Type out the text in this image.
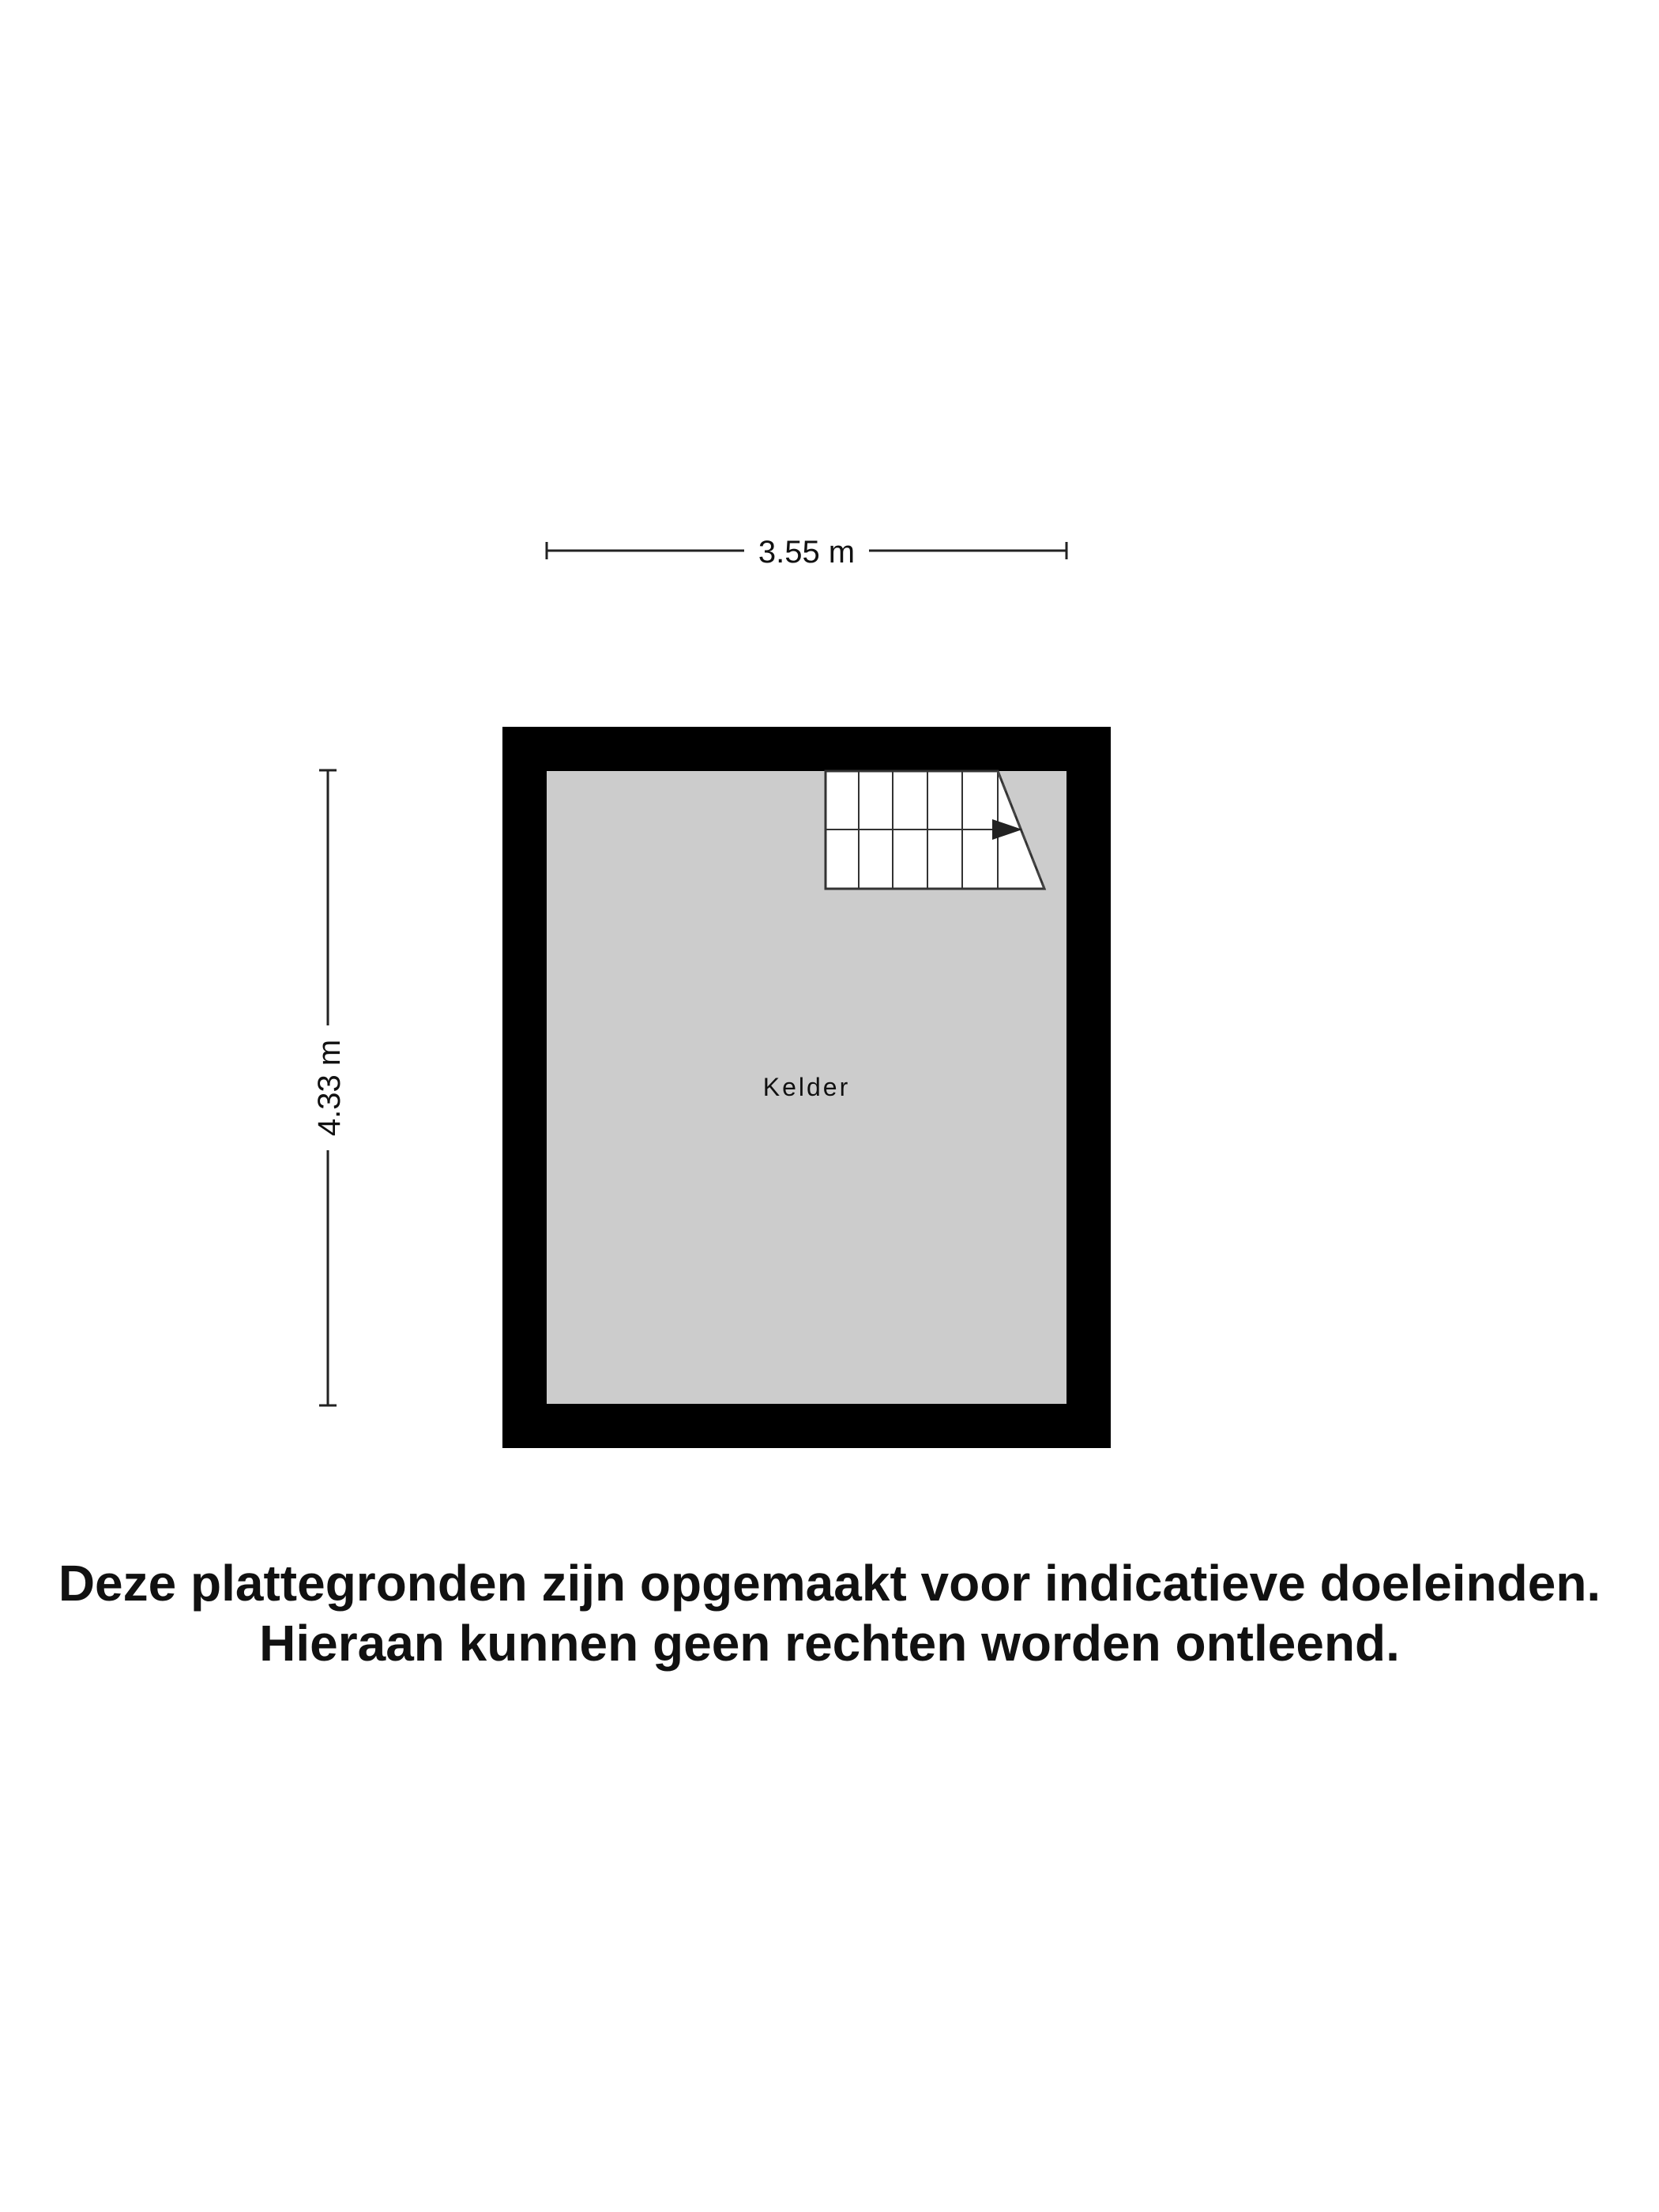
3.55 m
4.33 m	Kelder
Deze plattegronden zijn opgemaakt voor indicatieve doeleinden.
Hieraan kunnen geen rechten worden ontleend.
